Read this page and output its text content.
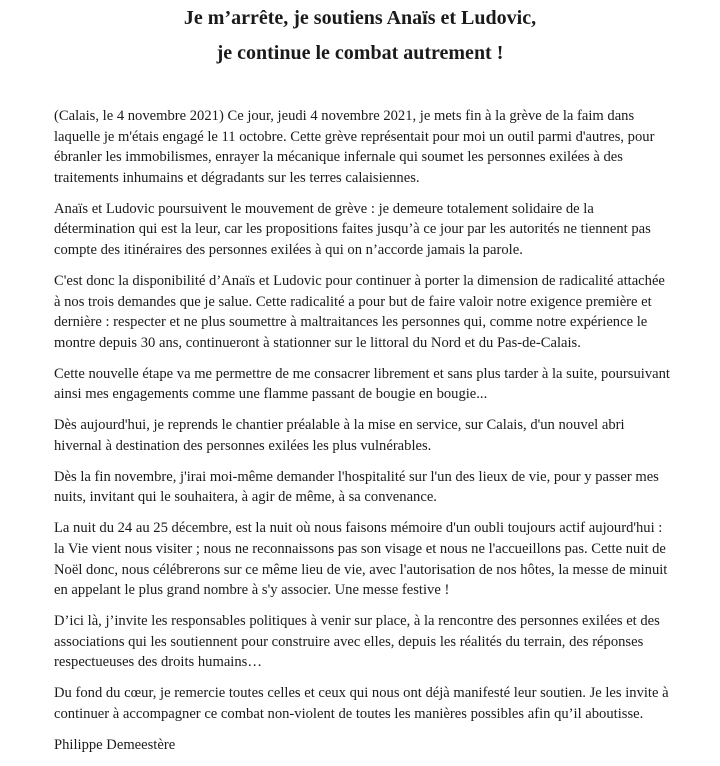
Je m’arrête, je soutiens Anaïs et Ludovic,
je continue le combat autrement !

(Calais, le 4 novembre 2021) Ce jour, jeudi 4 novembre 2021, je mets fin à la grève de la faim dans laquelle je m'étais engagé le 11 octobre. Cette grève représentait pour moi un outil parmi d'autres, pour ébranler les immobilismes, enrayer la mécanique infernale qui soumet les personnes exilées à des traitements inhumains et dégradants sur les terres calaisiennes.

Anaïs et Ludovic poursuivent le mouvement de grève : je demeure totalement solidaire de la détermination qui est la leur, car les propositions faites jusqu’à ce jour par les autorités ne tiennent pas compte des itinéraires des personnes exilées à qui on n’accorde jamais la parole.

C'est donc la disponibilité d’Anaïs et Ludovic pour continuer à porter la dimension de radicalité attachée à nos trois demandes que je salue. Cette radicalité a pour but de faire valoir notre exigence première et dernière : respecter et ne plus soumettre à maltraitances les personnes qui, comme notre expérience le montre depuis 30 ans, continueront à stationner sur le littoral du Nord et du Pas-de-Calais.

Cette nouvelle étape va me permettre de me consacrer librement et sans plus tarder à la suite, poursuivant ainsi mes engagements comme une flamme passant de bougie en bougie...

Dès aujourd'hui, je reprends le chantier préalable à la mise en service, sur Calais, d'un nouvel abri hivernal à destination des personnes exilées les plus vulnérables.

Dès la fin novembre, j'irai moi-même demander l'hospitalité sur l'un des lieux de vie, pour y passer mes nuits, invitant qui le souhaitera, à agir de même, à sa convenance.

La nuit du 24 au 25 décembre, est la nuit où nous faisons mémoire d'un oubli toujours actif aujourd'hui : la Vie vient nous visiter ; nous ne reconnaissons pas son visage et nous ne l'accueillons pas. Cette nuit de Noël donc, nous célébrerons sur ce même lieu de vie, avec l'autorisation de nos hôtes, la messe de minuit en appelant le plus grand nombre à s'y associer. Une messe festive !

D’ici là, j’invite les responsables politiques à venir sur place, à la rencontre des personnes exilées et des associations qui les soutiennent pour construire avec elles, depuis les réalités du terrain, des réponses respectueuses des droits humains…

Du fond du cœur, je remercie toutes celles et ceux qui nous ont déjà manifesté leur soutien. Je les invite à continuer à accompagner ce combat non-violent de toutes les manières possibles afin qu’il aboutisse.

Philippe Demeestère
